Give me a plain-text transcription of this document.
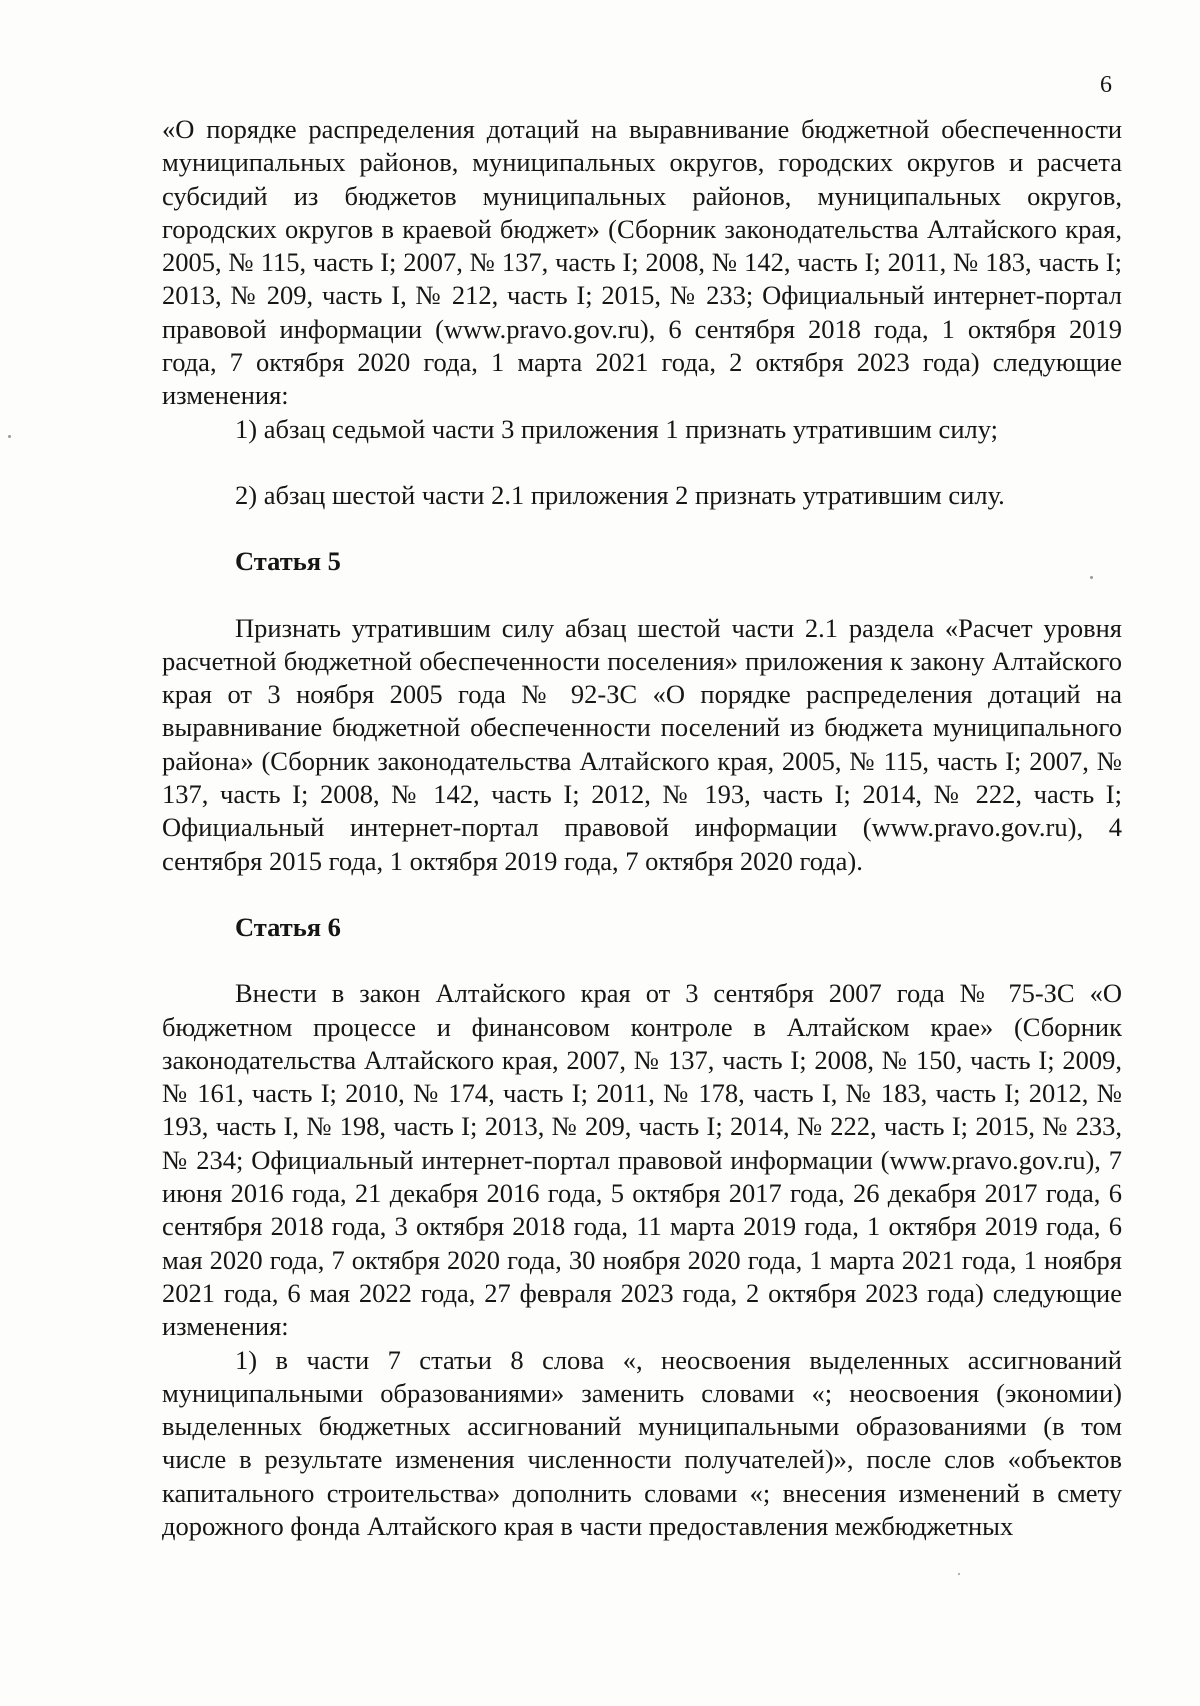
6

«О порядке распределения дотаций на выравнивание бюджетной обеспеченности муниципальных районов, муниципальных округов, городских округов и расчета субсидий из бюджетов муниципальных районов, муниципальных округов, городских округов в краевой бюджет» (Сборник законодательства Алтайского края, 2005, № 115, часть I; 2007, № 137, часть I; 2008, № 142, часть I; 2011, № 183, часть I; 2013, № 209, часть I, № 212, часть I; 2015, № 233; Официальный интернет-портал правовой информации (www.pravo.gov.ru), 6 сентября 2018 года, 1 октября 2019 года, 7 октября 2020 года, 1 марта 2021 года, 2 октября 2023 года) следующие изменения:

1) абзац седьмой части 3 приложения 1 признать утратившим силу;

2) абзац шестой части 2.1 приложения 2 признать утратившим силу.

Статья 5

Признать утратившим силу абзац шестой части 2.1 раздела «Расчет уровня расчетной бюджетной обеспеченности поселения» приложения к закону Алтайского края от 3 ноября 2005 года № 92-ЗС «О порядке распределения дотаций на выравнивание бюджетной обеспеченности поселений из бюджета муниципального района» (Сборник законодательства Алтайского края, 2005, № 115, часть I; 2007, № 137, часть I; 2008, № 142, часть I; 2012, № 193, часть I; 2014, № 222, часть I; Официальный интернет-портал правовой информации (www.pravo.gov.ru), 4 сентября 2015 года, 1 октября 2019 года, 7 октября 2020 года).

Статья 6

Внести в закон Алтайского края от 3 сентября 2007 года № 75-ЗС «О бюджетном процессе и финансовом контроле в Алтайском крае» (Сборник законодательства Алтайского края, 2007, № 137, часть I; 2008, № 150, часть I; 2009, № 161, часть I; 2010, № 174, часть I; 2011, № 178, часть I, № 183, часть I; 2012, № 193, часть I, № 198, часть I; 2013, № 209, часть I; 2014, № 222, часть I; 2015, № 233, № 234; Официальный интернет-портал правовой информации (www.pravo.gov.ru), 7 июня 2016 года, 21 декабря 2016 года, 5 октября 2017 года, 26 декабря 2017 года, 6 сентября 2018 года, 3 октября 2018 года, 11 марта 2019 года, 1 октября 2019 года, 6 мая 2020 года, 7 октября 2020 года, 30 ноября 2020 года, 1 марта 2021 года, 1 ноября 2021 года, 6 мая 2022 года, 27 февраля 2023 года, 2 октября 2023 года) следующие изменения:

1) в части 7 статьи 8 слова «, неосвоения выделенных ассигнований муниципальными образованиями» заменить словами «; неосвоения (экономии) выделенных бюджетных ассигнований муниципальными образованиями (в том числе в результате изменения численности получателей)», после слов «объектов капитального строительства» дополнить словами «; внесения изменений в смету дорожного фонда Алтайского края в части предоставления межбюджетных
